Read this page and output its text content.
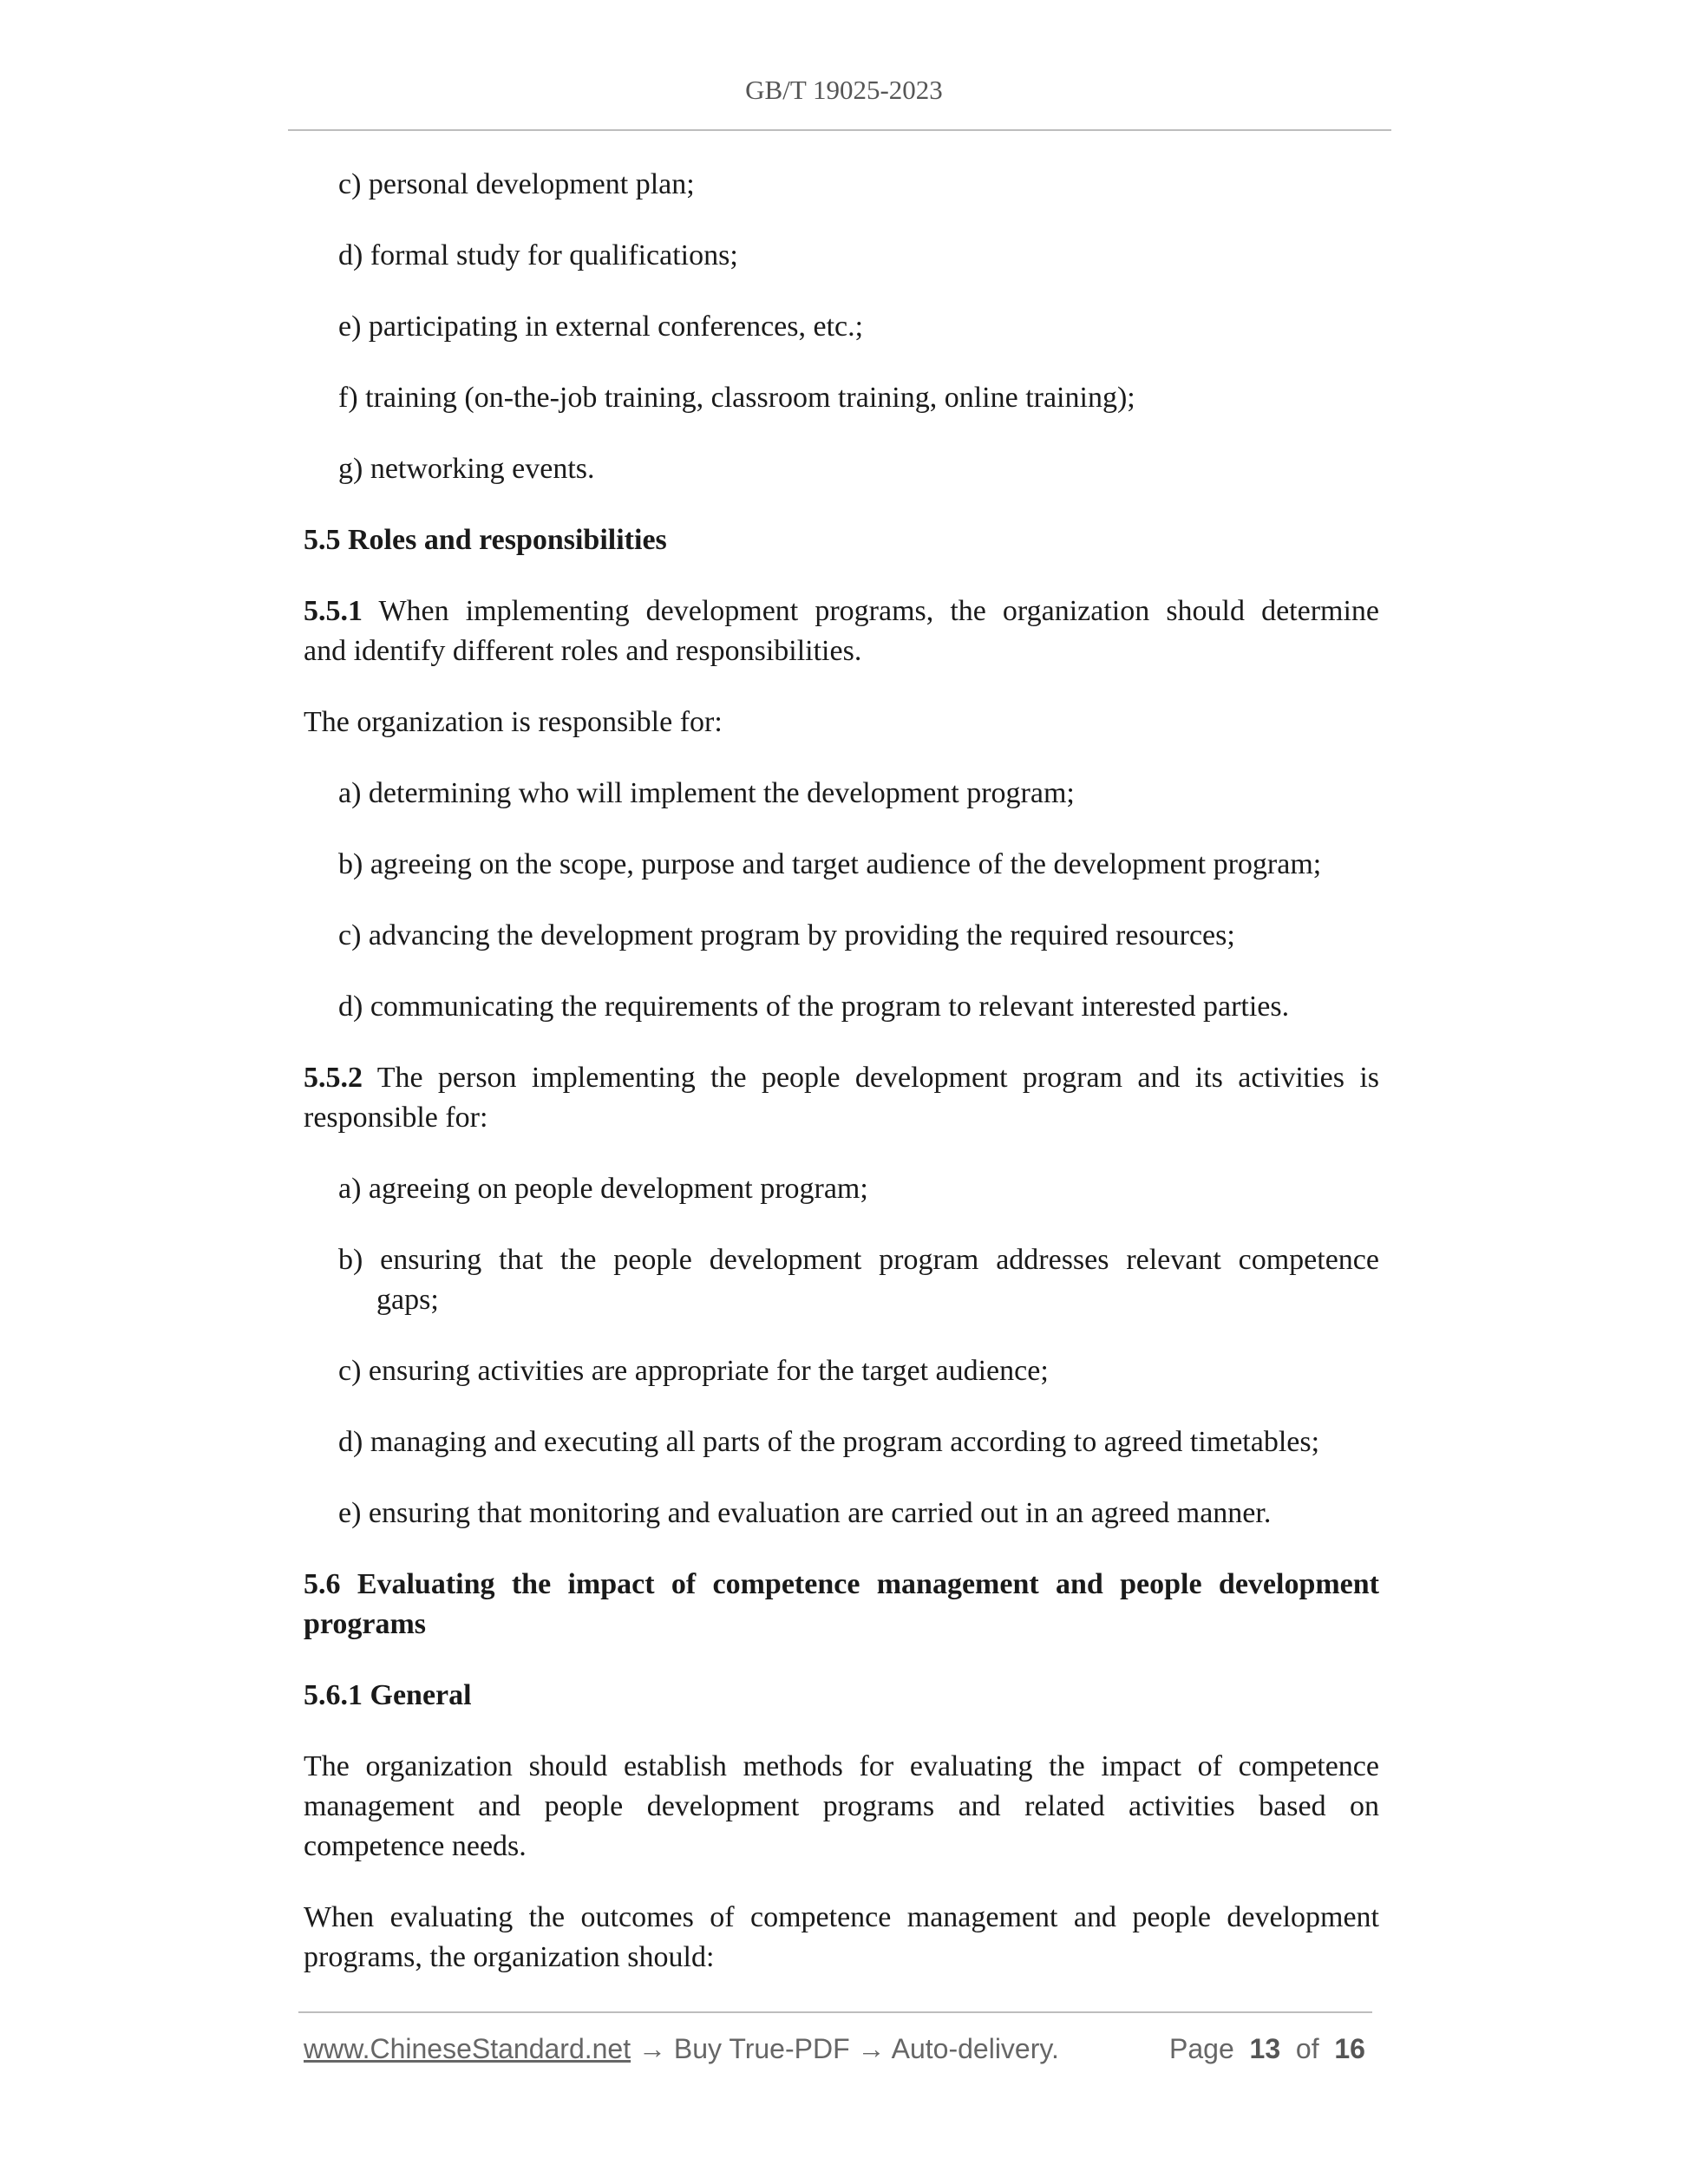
GB/T 19025-2023
c) personal development plan;
d) formal study for qualifications;
e) participating in external conferences, etc.;
f) training (on-the-job training, classroom training, online training);
g) networking events.
5.5 Roles and responsibilities
5.5.1 When implementing development programs, the organization should determine
and identify different roles and responsibilities.
The organization is responsible for:
a) determining who will implement the development program;
b) agreeing on the scope, purpose and target audience of the development program;
c) advancing the development program by providing the required resources;
d) communicating the requirements of the program to relevant interested parties.
5.5.2 The person implementing the people development program and its activities is
responsible for:
a) agreeing on people development program;
b) ensuring that the people development program addresses relevant competence
gaps;
c) ensuring activities are appropriate for the target audience;
d) managing and executing all parts of the program according to agreed timetables;
e) ensuring that monitoring and evaluation are carried out in an agreed manner.
5.6 Evaluating the impact of competence management and people development
programs
5.6.1 General
The organization should establish methods for evaluating the impact of competence
management and people development programs and related activities based on
competence needs.
When evaluating the outcomes of competence management and people development
programs, the organization should:
www.ChineseStandard.net → Buy True-PDF → Auto-delivery.	Page 13 of 16
